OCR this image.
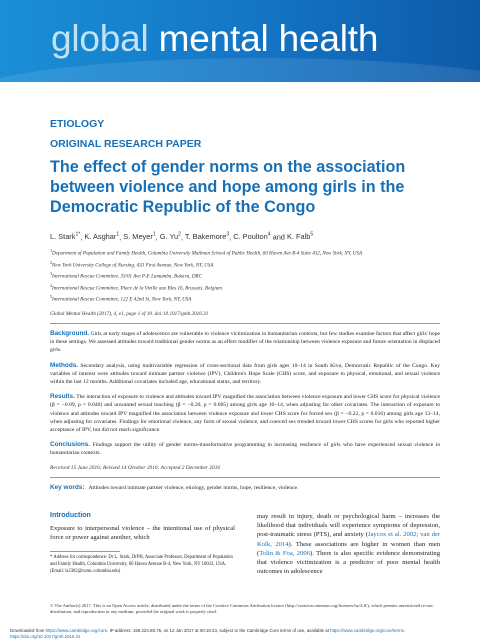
global mental health
ETIOLOGY
ORIGINAL RESEARCH PAPER
The effect of gender norms on the association between violence and hope among girls in the Democratic Republic of the Congo
L. Stark$^{1*}$, K. Asghar$^1$, S. Meyer$^1$, G. Yu$^2$, T. Bakemore$^3$, C. Poulton$^4$ and K. Falb$^5$
$^1$Department of Population and Family Health, Columbia University Mailman School of Public Health, 60 Haven Ave B-4 Suite 432, New York, NY, USA
$^2$New York University College of Nursing, 433 First Avenue, New York, NY, USA
$^3$International Rescue Committee, 33/01 Ave P-E Lumumba, Bukavu, DRC
$^4$International Rescue Committee, Place de la Vieille aux Bles 16, Brussels, Belgium
$^5$International Rescue Committee, 122 E 42nd St, New York, NY, USA
Global Mental Health (2017), 4, e1, page 1 of 10. doi:10.1017/gmh.2016.31
Background. Girls at early stages of adolescence are vulnerable to violence victimization in humanitarian contexts, but few studies examine factors that affect girls' hope in these settings. We assessed attitudes toward traditional gender norms as an effect modifier of the relationship between violence exposure and future orientation in displaced girls.
Methods. Secondary analysis, using multivariable regression of cross-sectional data from girls ages 10–14 in South Kivu, Democratic Republic of the Congo. Key variables of interest were attitudes toward intimate partner violence (IPV), Children's Hope Scale (CHS) score, and exposure to physical, emotional, and sexual violence within the last 12 months. Additional covariates included age, educational status, and territory.
Results. The interaction of exposure to violence and attitudes toward IPV magnified the association between violence exposure and lower CHS score for physical violence (β = −0.09, p = 0.040) and unwanted sexual touching (β = −0.20, p = 0.005) among girls age 10–14, when adjusting for other covariates. The interaction of exposure to violence and attitudes toward IPV magnified the association between violence exposure and lower CHS score for forced sex (β = −0.22, p = 0.016) among girls age 13–14, when adjusting for covariates. Findings for emotional violence, any form of sexual violence, and coerced sex trended toward lower CHS scores for girls who reported higher acceptance of IPV, but did not reach significance.
Conclusions. Findings support the utility of gender norms-transformative programming in increasing resilience of girls who have experienced sexual violence in humanitarian contexts.
Received 15 June 2016; Revised 14 October 2016; Accepted 2 December 2016
Key words: Attitudes toward intimate partner violence, etiology, gender norms, hope, resilience, violence.
Introduction
Exposure to interpersonal violence – the intentional use of physical force or power against another, which
* Address for correspondence: Dr L. Stark, DrPH, Associate Professor, Department of Population and Family Health, Columbia University, 60 Haven Avenue B-4, New York, NY 10032, USA. (Email: ls2302@cumc.columbia.edu)
may result in injury, death or psychological harm – increases the likelihood that individuals will experience symptoms of depression, post-traumatic stress (PTS), and anxiety (Jaycox et al. 2002; van der Kolk, 2014). These associations are higher in women than men (Tolin & Foa, 2006). There is also specific evidence demonstrating that violence victimization is a predictor of poor mental health outcomes in adolescence
© The Author(s) 2017. This is an Open Access article, distributed under the terms of the Creative Commons Attribution licence (http://creativecommons.org/licenses/by/4.0/), which permits unrestricted re-use, distribution, and reproduction in any medium, provided the original work is properly cited.
Downloaded from https://www.cambridge.org/core. IP address: 158.224.88.75, on 12 Jan 2017 at 00:16:23, subject to the Cambridge Core terms of use, available at https://www.cambridge.org/core/terms.
https://doi.org/10.1017/gmh.2016.31
